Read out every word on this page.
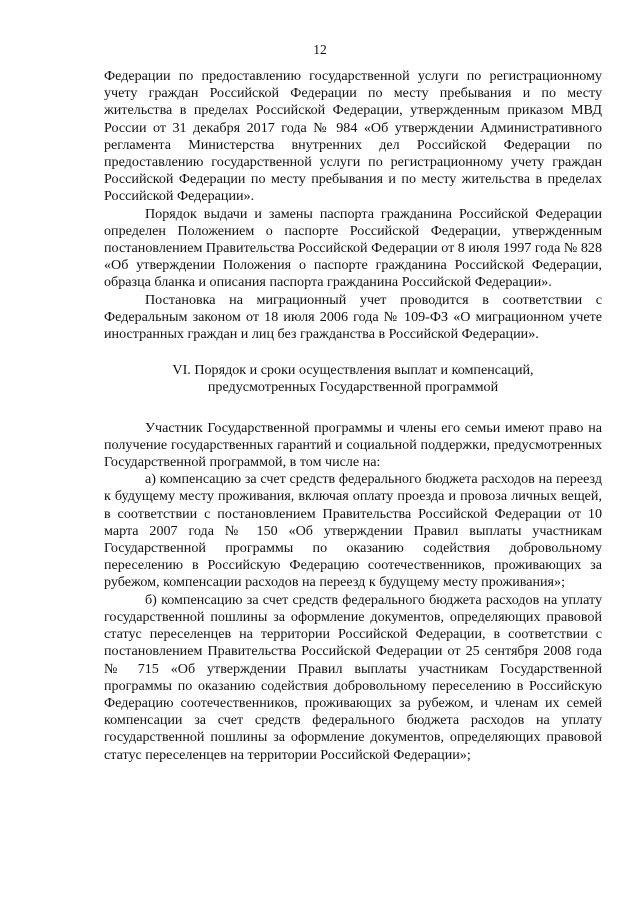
12

Федерации по предоставлению государственной услуги по регистрационному учету граждан Российской Федерации по месту пребывания и по месту жительства в пределах Российской Федерации, утвержденным приказом МВД России от 31 декабря 2017 года № 984 «Об утверждении Административного регламента Министерства внутренних дел Российской Федерации по предоставлению государственной услуги по регистрационному учету граждан Российской Федерации по месту пребывания и по месту жительства в пределах Российской Федерации».

Порядок выдачи и замены паспорта гражданина Российской Федерации определен Положением о паспорте Российской Федерации, утвержденным постановлением Правительства Российской Федерации от 8 июля 1997 года № 828 «Об утверждении Положения о паспорте гражданина Российской Федерации, образца бланка и описания паспорта гражданина Российской Федерации».

Постановка на миграционный учет проводится в соответствии с Федеральным законом от 18 июля 2006 года № 109-ФЗ «О миграционном учете иностранных граждан и лиц без гражданства в Российской Федерации».

VI. Порядок и сроки осуществления выплат и компенсаций,
предусмотренных Государственной программой

Участник Государственной программы и члены его семьи имеют право на получение государственных гарантий и социальной поддержки, предусмотренных Государственной программой, в том числе на:

а) компенсацию за счет средств федерального бюджета расходов на переезд к будущему месту проживания, включая оплату проезда и провоза личных вещей, в соответствии с постановлением Правительства Российской Федерации от 10 марта 2007 года № 150 «Об утверждении Правил выплаты участникам Государственной программы по оказанию содействия добровольному переселению в Российскую Федерацию соотечественников, проживающих за рубежом, компенсации расходов на переезд к будущему месту проживания»;

б) компенсацию за счет средств федерального бюджета расходов на уплату государственной пошлины за оформление документов, определяющих правовой статус переселенцев на территории Российской Федерации, в соответствии с постановлением Правительства Российской Федерации от 25 сентября 2008 года № 715 «Об утверждении Правил выплаты участникам Государственной программы по оказанию содействия добровольному переселению в Российскую Федерацию соотечественников, проживающих за рубежом, и членам их семей компенсации за счет средств федерального бюджета расходов на уплату государственной пошлины за оформление документов, определяющих правовой статус переселенцев на территории Российской Федерации»;
